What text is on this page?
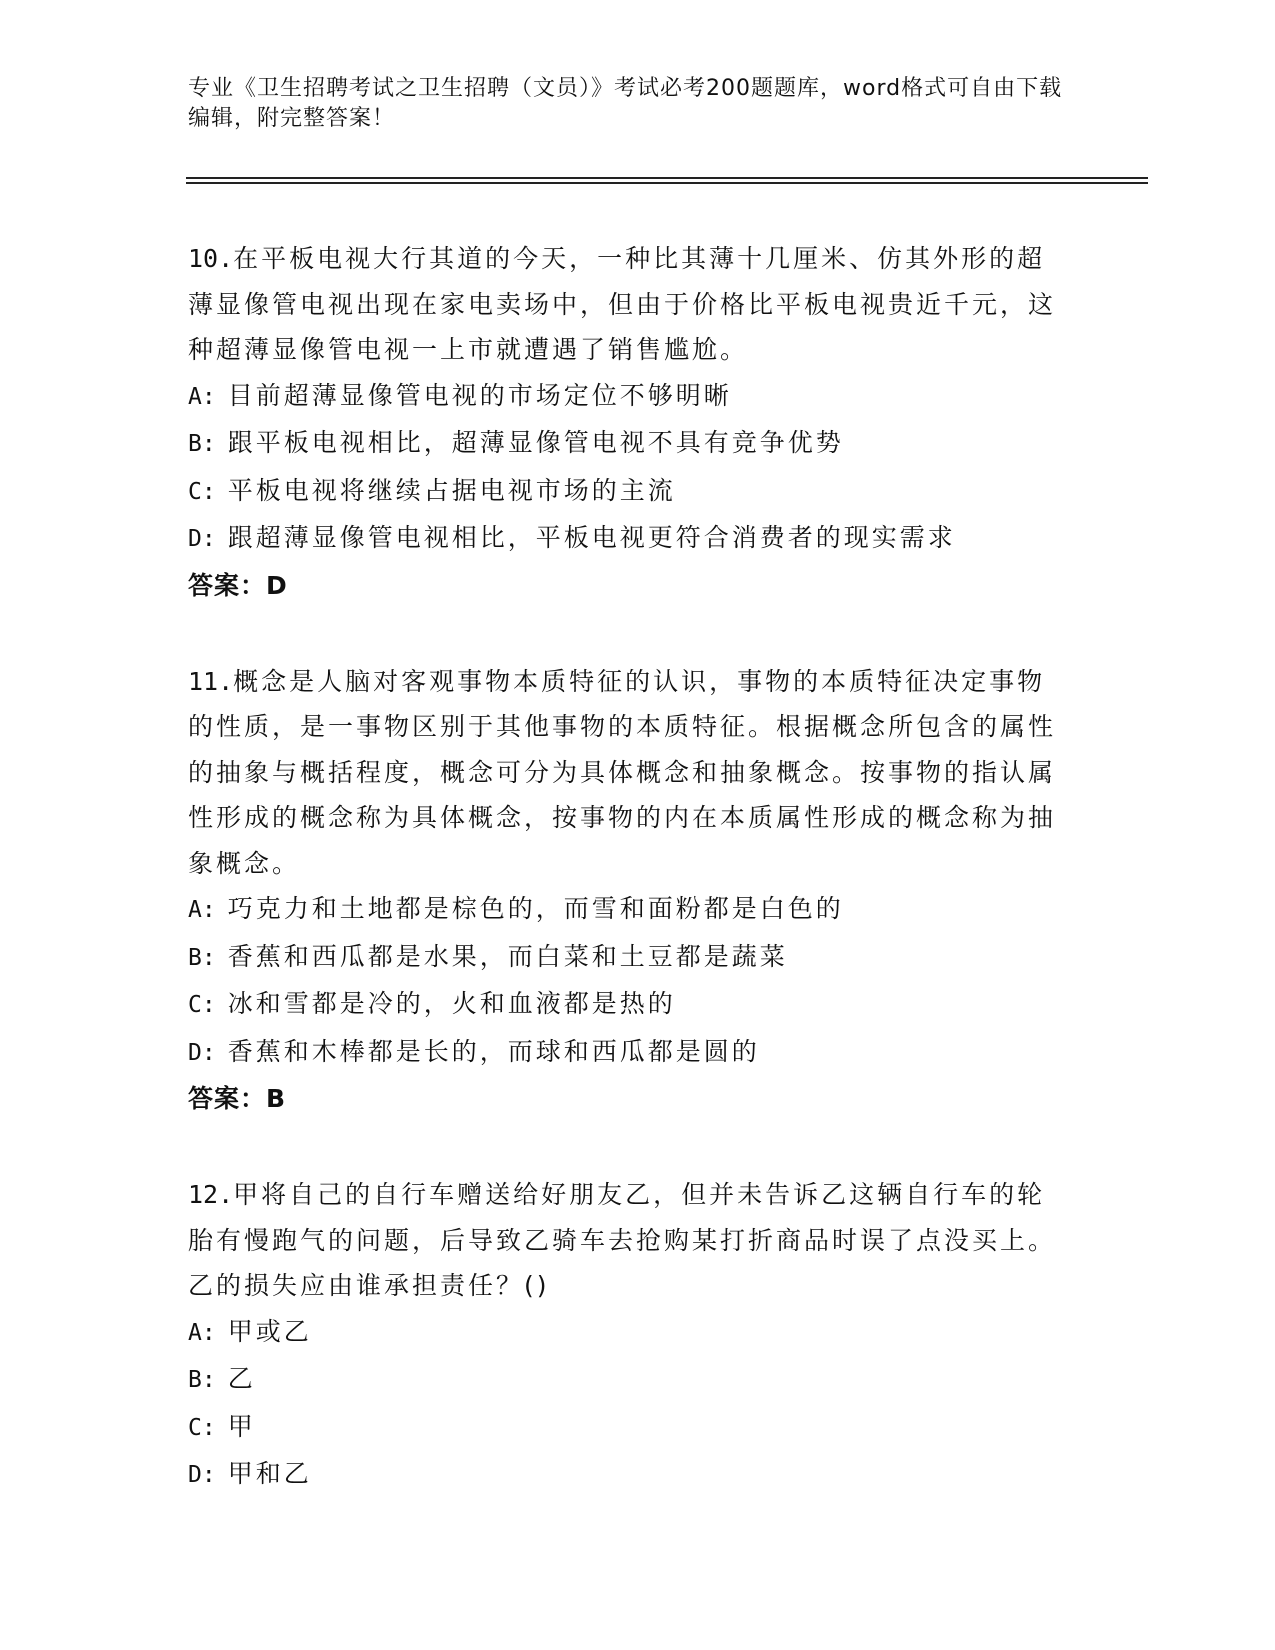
专业《卫生招聘考试之卫生招聘（文员）》考试必考200题题库，word格式可自由下载编辑，附完整答案！
10.在平板电视大行其道的今天，一种比其薄十几厘米、仿其外形的超薄显像管电视出现在家电卖场中，但由于价格比平板电视贵近千元，这种超薄显像管电视一上市就遭遇了销售尴尬。
A: 目前超薄显像管电视的市场定位不够明晰
B: 跟平板电视相比，超薄显像管电视不具有竞争优势
C: 平板电视将继续占据电视市场的主流
D: 跟超薄显像管电视相比，平板电视更符合消费者的现实需求
答案：D
11.概念是人脑对客观事物本质特征的认识，事物的本质特征决定事物的性质，是一事物区别于其他事物的本质特征。根据概念所包含的属性的抽象与概括程度，概念可分为具体概念和抽象概念。按事物的指认属性形成的概念称为具体概念，按事物的内在本质属性形成的概念称为抽象概念。
A: 巧克力和土地都是棕色的，而雪和面粉都是白色的
B: 香蕉和西瓜都是水果，而白菜和土豆都是蔬菜
C: 冰和雪都是冷的，火和血液都是热的
D: 香蕉和木棒都是长的，而球和西瓜都是圆的
答案：B
12.甲将自己的自行车赠送给好朋友乙，但并未告诉乙这辆自行车的轮胎有慢跑气的问题，后导致乙骑车去抢购某打折商品时误了点没买上。乙的损失应由谁承担责任？()
A: 甲或乙
B: 乙
C: 甲
D: 甲和乙
